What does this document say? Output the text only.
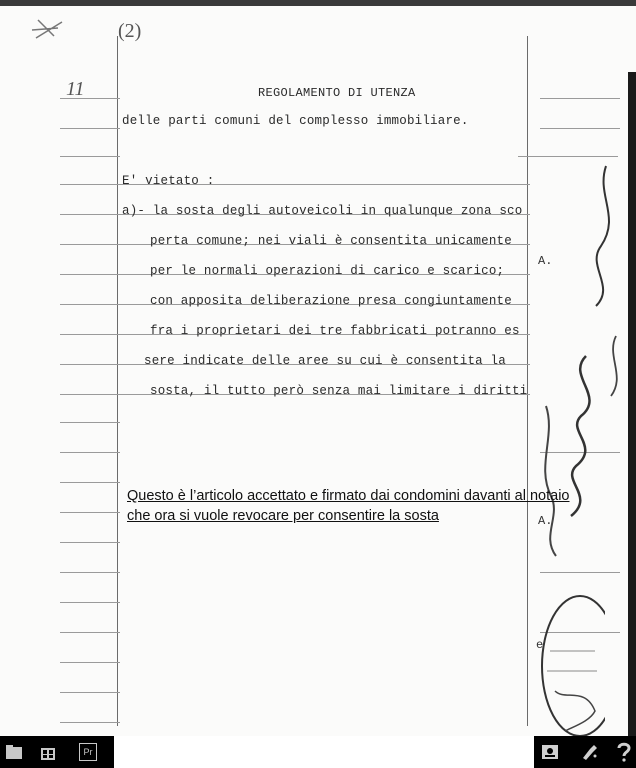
(2)
11	REGOLAMENTO DI UTENZA
delle parti comuni del complesso immobiliare.
E' vietato :
a)- la sosta degli autoveicoli in qualunque zona sco
perta comune; nei viali è consentita unicamente
per le normali operazioni di carico e scarico;
con apposita deliberazione presa congiuntamente
fra i proprietari dei tre fabbricati potranno es
sere indicate delle aree su cui è consentita la
sosta, il tutto però senza mai limitare i diritti
A.
A.
e
Questo è l’articolo accettato e firmato dai condomini davanti al notaio
che ora si vuole revocare per consentire la sosta
Pr
